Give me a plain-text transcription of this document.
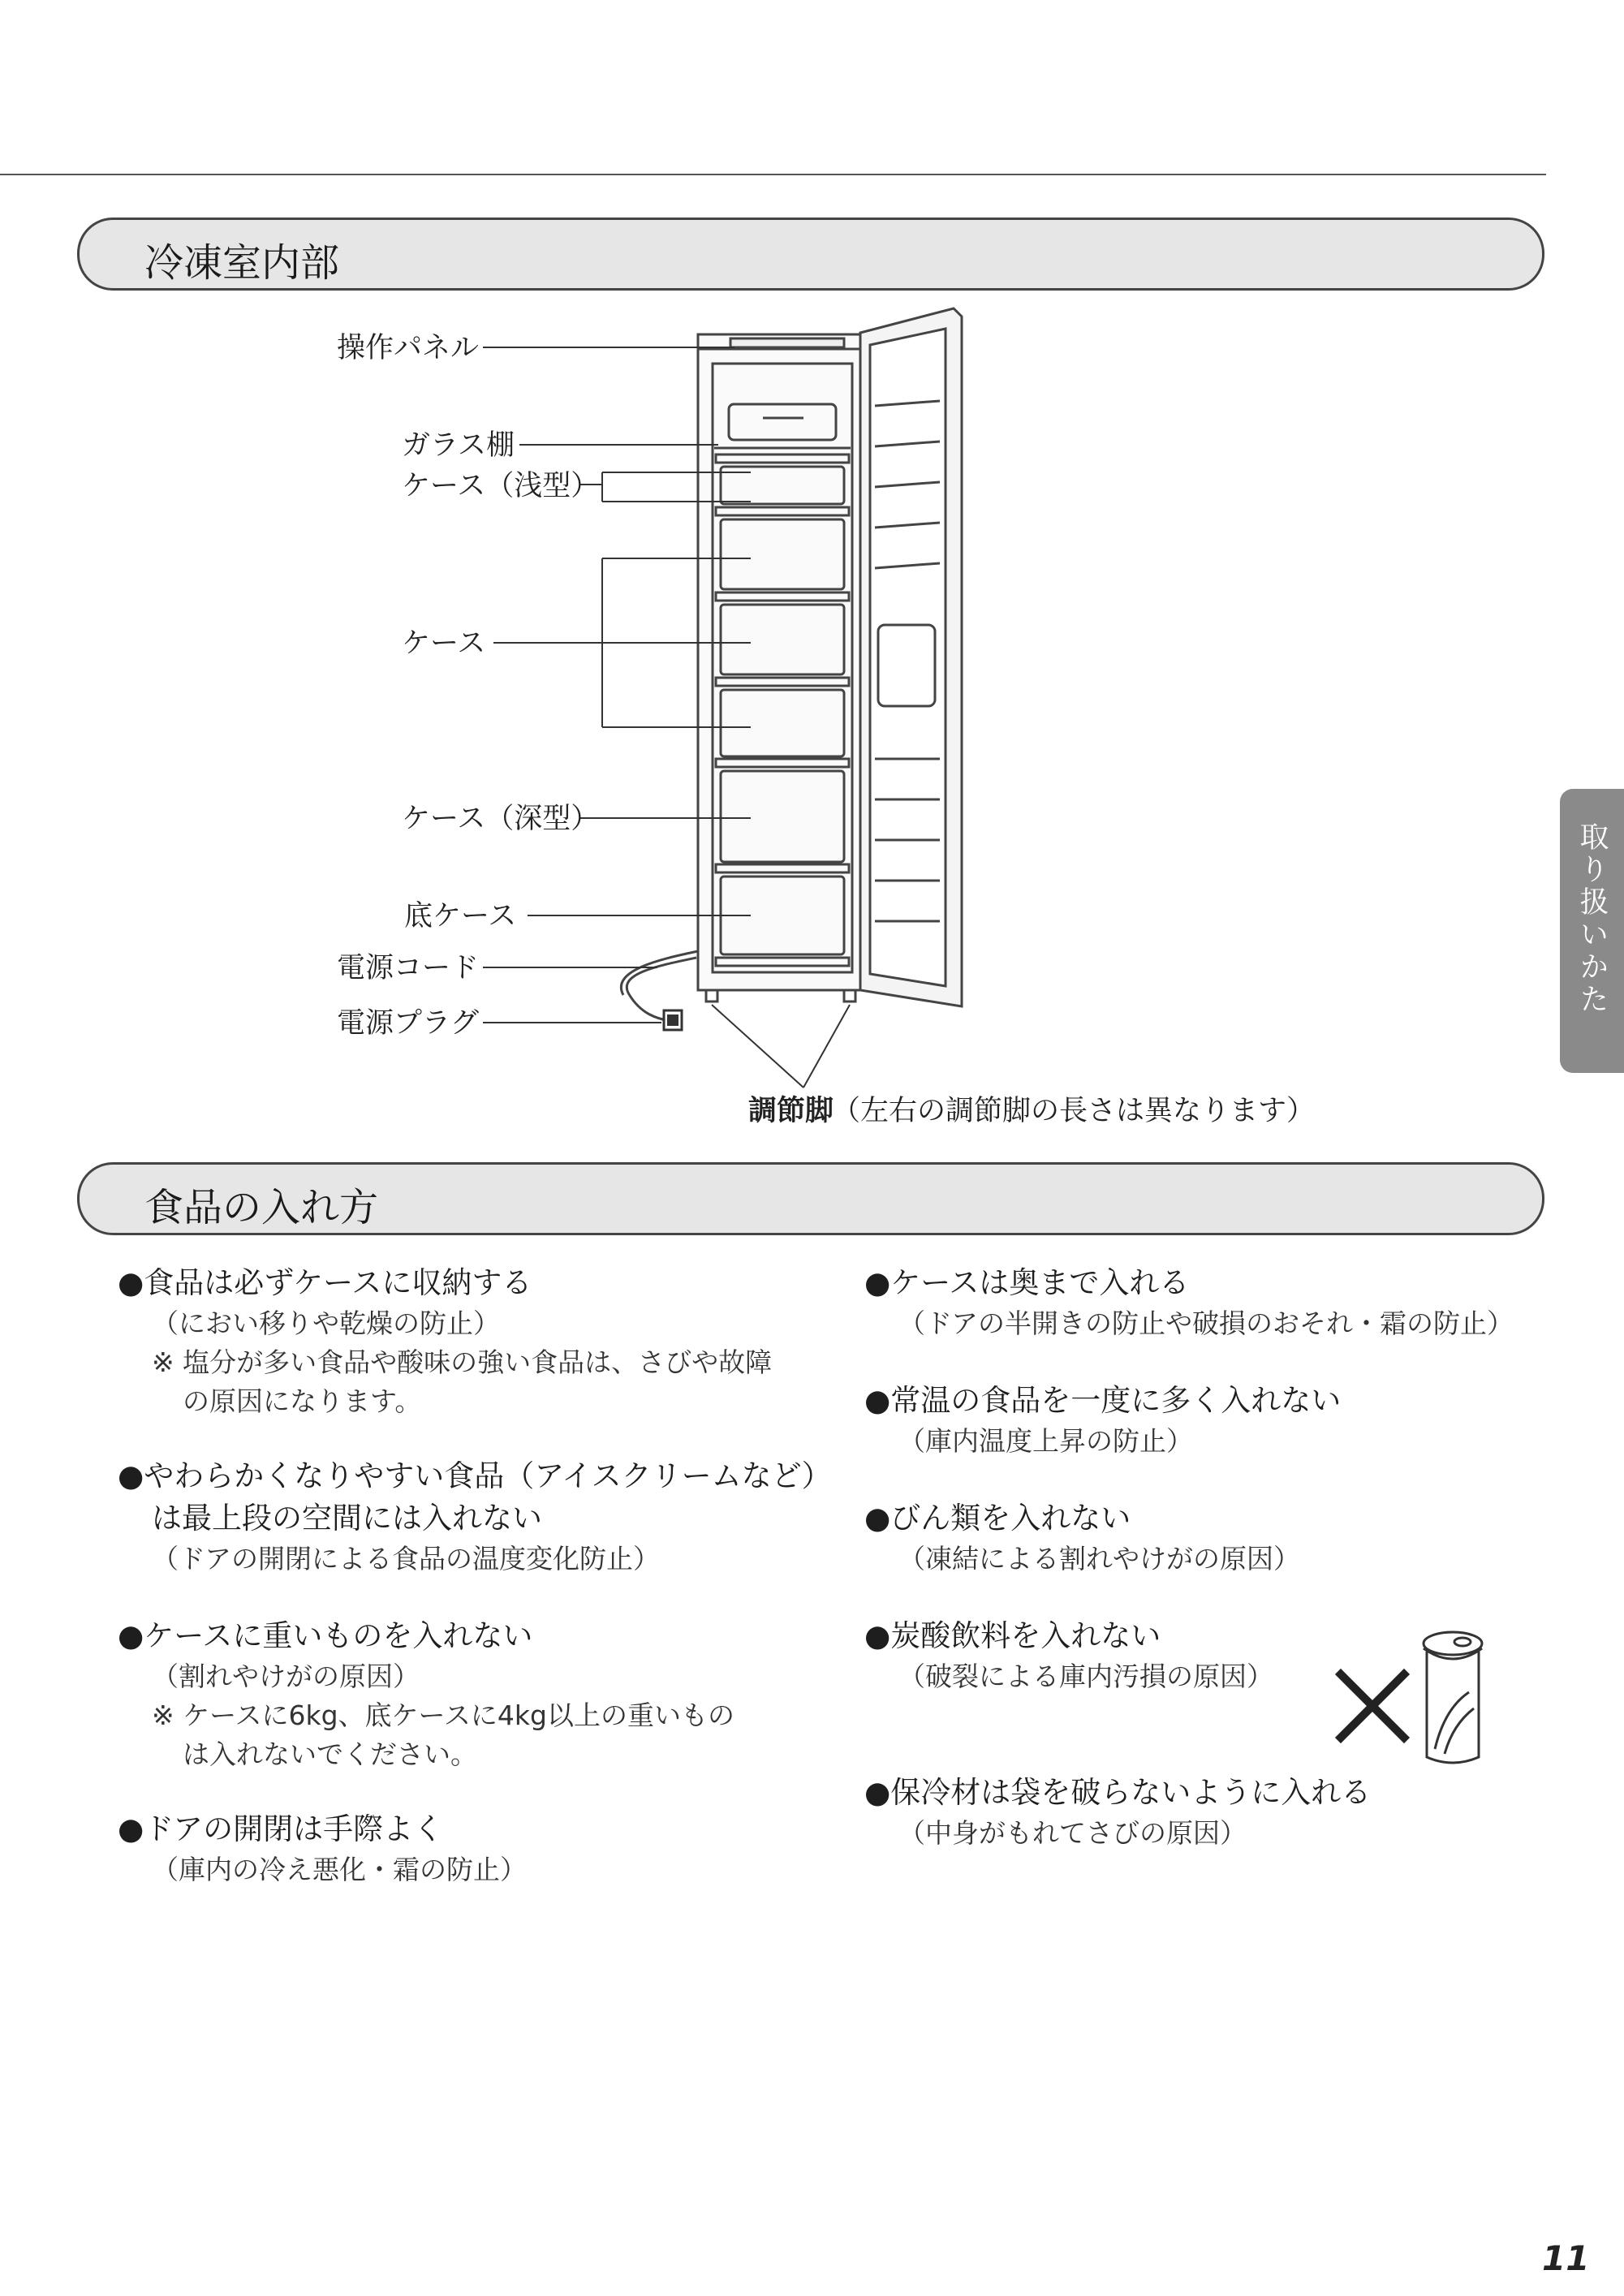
冷凍室内部
操作パネル
ガラス棚
ケース（浅型）
ケース
ケース（深型）
底ケース
電源コード
電源プラグ
調節脚
（左右の調節脚の長さは異なります）
食品の入れ方
●食品は必ずケースに収納する
（におい移りや乾燥の防止）
※ 塩分が多い食品や酸味の強い食品は、さびや故障
の原因になります。
●やわらかくなりやすい食品（アイスクリームなど）
は最上段の空間には入れない
（ドアの開閉による食品の温度変化防止）
●ケースに重いものを入れない
（割れやけがの原因）
※ ケースに6kg、底ケースに4kg以上の重いもの
は入れないでください。
●ドアの開閉は手際よく
（庫内の冷え悪化・霜の防止）
●ケースは奥まで入れる
（ドアの半開きの防止や破損のおそれ・霜の防止）
●常温の食品を一度に多く入れない
（庫内温度上昇の防止）
●びん類を入れない
（凍結による割れやけがの原因）
●炭酸飲料を入れない
（破裂による庫内汚損の原因）
●保冷材は袋を破らないように入れる
（中身がもれてさびの原因）
取り扱いかた
11
